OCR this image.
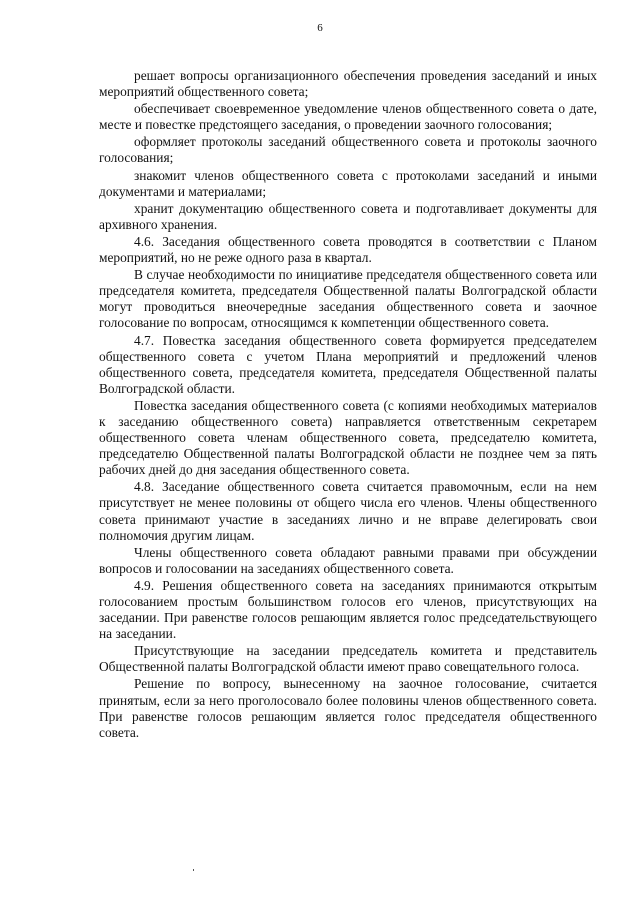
6

решает вопросы организационного обеспечения проведения заседаний и иных мероприятий общественного совета;

обеспечивает своевременное уведомление членов общественного совета о дате, месте и повестке предстоящего заседания, о проведении заочного голосования;

оформляет протоколы заседаний общественного совета и протоколы заочного голосования;

знакомит членов общественного совета с протоколами заседаний и иными документами и материалами;

хранит документацию общественного совета и подготавливает документы для архивного хранения.

4.6. Заседания общественного совета проводятся в соответствии с Планом мероприятий, но не реже одного раза в квартал.

В случае необходимости по инициативе председателя общественного совета или председателя комитета, председателя Общественной палаты Волгоградской области могут проводиться внеочередные заседания общественного совета и заочное голосование по вопросам, относящимся к компетенции общественного совета.

4.7. Повестка заседания общественного совета формируется председателем общественного совета с учетом Плана мероприятий и предложений членов общественного совета, председателя комитета, председателя Общественной палаты Волгоградской области.

Повестка заседания общественного совета (с копиями необходимых материалов к заседанию общественного совета) направляется ответственным секретарем общественного совета членам общественного совета, председателю комитета, председателю Общественной палаты Волгоградской области не позднее чем за пять рабочих дней до дня заседания общественного совета.

4.8. Заседание общественного совета считается правомочным, если на нем присутствует не менее половины от общего числа его членов. Члены общественного совета принимают участие в заседаниях лично и не вправе делегировать свои полномочия другим лицам.

Члены общественного совета обладают равными правами при обсуждении вопросов и голосовании на заседаниях общественного совета.

4.9. Решения общественного совета на заседаниях принимаются открытым голосованием простым большинством голосов его членов, присутствующих на заседании. При равенстве голосов решающим является голос председательствующего на заседании.

Присутствующие на заседании председатель комитета и представитель Общественной палаты Волгоградской области имеют право совещательного голоса.

Решение по вопросу, вынесенному на заочное голосование, считается принятым, если за него проголосовало более половины членов общественного совета. При равенстве голосов решающим является голос председателя общественного совета.
